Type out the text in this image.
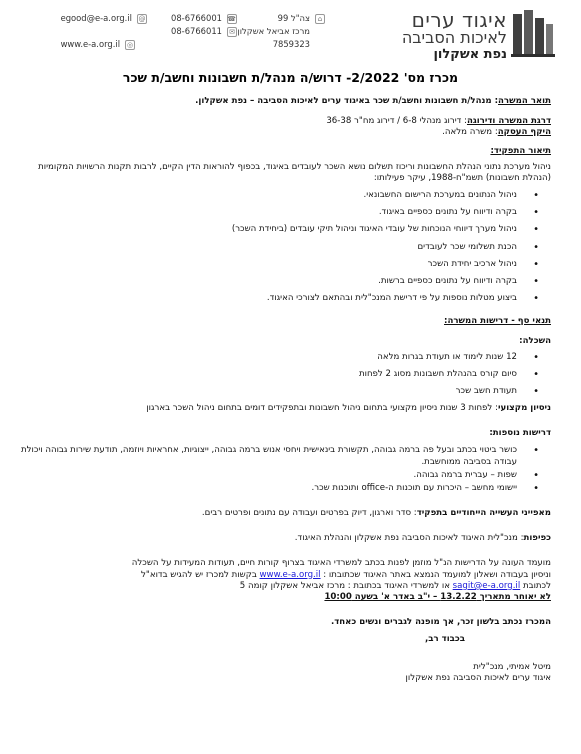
איגוד ערים
לאיכות הסביבה
נפת אשקלון
⌂
צה"ל 99
מרכז אביאל אשקלון
7859323
☎
08-6766001
✉
08-6766011
egood@e-a.org.il @
www.e-a.org.il ◎
מכרז מס' 2/2022- דרוש/ה מנהל/ת חשבונות וחשב/ת שכר

תואר המשרה: מנהל/ת חשבונות וחשב/ת שכר באיגוד ערים לאיכות הסביבה – נפת אשקלון.

דרגת המשרה ודירוגה: דירוג מנהלי 6-8 / דירוג מח"ר 36-38

היקף העסקה: משרה מלאה.

תיאור התפקיד:

ניהול מערכת נתוני הנהלת החשבונות וריכוז תשלום נושא השכר לעובדים באיגוד, בכפוף להוראות הדין הקיים, לרבות תקנות הרשויות המקומיות (הנהלת חשבונות) תשמ"ח-1988, עיקר פעילותו:

• ניהול הנתונים במערכת הרישום החשבונאי.
• בקרה ודיווח על נתונים כספיים באיגוד.
• ניהול מערך דיווחי הנוכחות של עובדי האיגוד וניהול תיקי עובדים (ביחידת השכר)
• הכנת תשלומי שכר לעובדים
• ניהול ארכיב יחידת השכר
• בקרה ודיווח על נתונים כספיים ברשות.
• ביצוע מטלות נוספות על פי דרישת המנכ"לית ובהתאם לצורכי האיגוד.

תנאי סף - דרישות המשרה:

השכלה:

• 12 שנות לימוד או תעודת בגרות מלאה
• סיום קורס בהנהלת חשבונות מסוג 2 לפחות
• תעודת חשב שכר

ניסיון מקצועי: לפחות 3 שנות ניסיון מקצועי בתחום ניהול חשבונות ובתפקידים דומים בתחום ניהול השכר בארגון

דרישות נוספות:

• כושר ביטוי בכתב ובעל פה ברמה גבוהה, תקשורת בינאישית ויחסי אנוש ברמה גבוהה, ייצוגיות, אחראיות ויוזמה, תודעת שירות גבוהה ויכולת עבודה בסביבה ממוחשבת.
• שפות – עברית ברמה גבוהה.
• יישומי מחשב – היכרות עם תוכנות ה-office ותוכנות שכר.

מאפייני העשייה הייחודיים בתפקיד: סדר וארגון, דיוק בפרטים ועבודה עם נתונים ופרטים רבים.

כפיפות: מנכ"לית האיגוד לאיכות הסביבה נפת אשקלון והנהלת האיגוד.

מועמד העונה על הדרישות הנ"ל מוזמן לפנות בכתב למשרדי האיגוד בצרוף קורות חיים, תעודות המעידות על השכלה

וניסיון בעבודה ושאלון למועמד הנמצא באתר האיגוד שכתובתו : www.e-a.org.il בקשות למכרז יש להגיש בדוא"ל

לכתובת sagit@e-a.org.il או למשרדי האיגוד בכתובת : מרכז אביאל אשקלון קומה 5

לא יאוחר מתאריך 13.2.22 – י"ב באדר א' בשעה 10:00

המכרז נכתב בלשון זכר, אך מופנה לגברים ונשים כאחד.

בכבוד רב,

מיטל אמיתי, מנכ"לית

איגוד ערים לאיכות הסביבה נפת אשקלון
